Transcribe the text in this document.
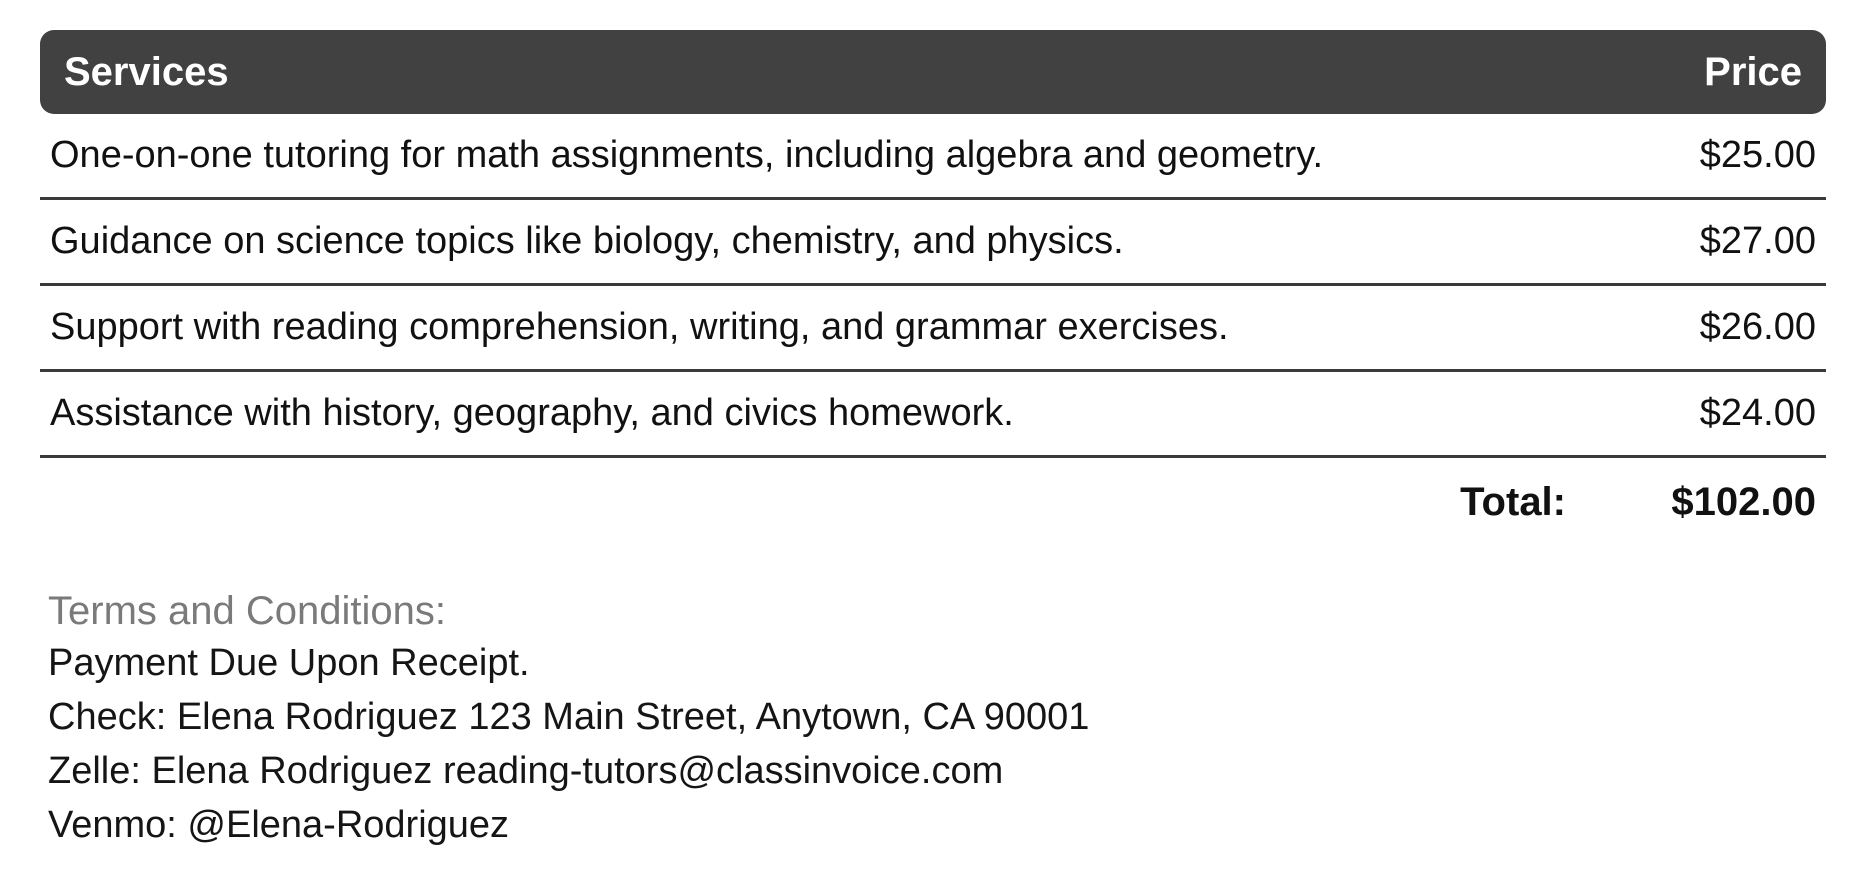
Services	Price
One-on-one tutoring for math assignments, including algebra and geometry.	$25.00
Guidance on science topics like biology, chemistry, and physics.	$27.00
Support with reading comprehension, writing, and grammar exercises.	$26.00
Assistance with history, geography, and civics homework.	$24.00
Total:	$102.00
Terms and Conditions:
Payment Due Upon Receipt.
Check: Elena Rodriguez 123 Main Street, Anytown, CA 90001
Zelle: Elena Rodriguez reading-tutors@classinvoice.com
Venmo: @Elena-Rodriguez
